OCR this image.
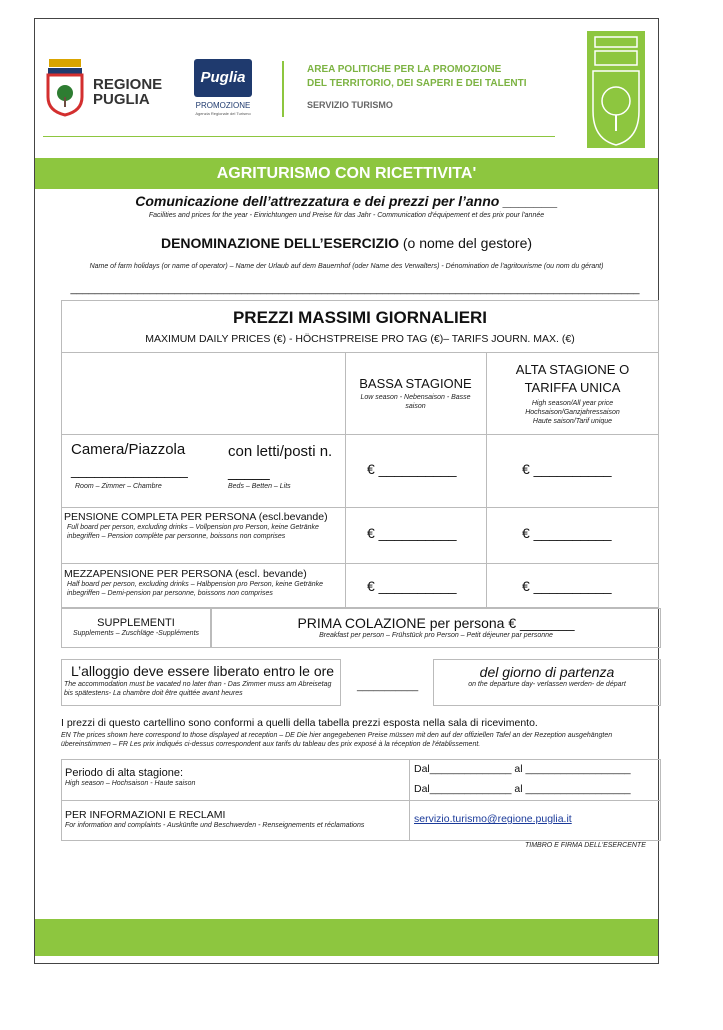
REGIONE
PUGLIA
Puglia
PROMOZIONE
Agenzia Regionale del Turismo
AREA POLITICHE PER LA PROMOZIONE
DEL TERRITORIO, DEI SAPERI E DEI TALENTI
SERVIZIO TURISMO
AGRITURISMO CON RICETTIVITA'
Comunicazione dell’attrezzatura e dei prezzi per l’anno _______
Facilities and prices for the year - Einrichtungen und Preise für das Jahr - Communication d'équipement et des prix pour l'année
DENOMINAZIONE DELL’ESERCIZIO (o nome del gestore)
Name of farm holidays (or name of operator) – Name der Urlaub auf dem Bauernhof (oder Name des Verwalters) - Dénomination de l'agritourisme (ou nom du gérant)
_____________________________________________________________________________________________
PREZZI MASSIMI GIORNALIERI
MAXIMUM DAILY PRICES (€) - HÖCHSTPREISE PRO TAG (€)– TARIFS JOURN. MAX. (€)
BASSA STAGIONE
Low season - Nebensaison - Basse saison
ALTA STAGIONE O TARIFFA UNICA
High season/All year price
Hochsaison/Ganzjahressaison
Haute saison/Tarif unique
Camera/Piazzola
_______________
Room – Zimmer – Chambre
con letti/posti n. _____
Beds – Betten – Lits
€ __________	€ __________
PENSIONE COMPLETA PER PERSONA (escl.bevande)
Full board per person, excluding drinks – Vollpension pro Person, keine Getränke inbegriffen – Pension complète par personne, boissons non comprises	€ __________	€ __________
MEZZAPENSIONE PER PERSONA (escl. bevande)
Half board per person, excluding drinks – Halbpension pro Person, keine Getränke inbegriffen – Demi-pension par personne, boissons non comprises	€ __________	€ __________
SUPPLEMENTI
Supplements – Zuschläge -Suppléments
PRIMA COLAZIONE per persona € _______
Breakfast per person – Frühstück pro Person – Petit déjeuner par personne
L’alloggio deve essere liberato entro le ore
The accommodation must be vacated no later than - Das Zimmer muss am Abreisetag bis spätestens- La chambre doit être quittée avant heures
___________
del giorno di partenza
on the departure day- verlassen werden- de départ
I prezzi di questo cartellino sono conformi a quelli della tabella prezzi esposta nella sala di ricevimento.
EN The prices shown here correspond to those displayed at reception – DE Die hier angegebenen Preise müssen mit den auf der offiziellen Tafel an der Rezeption ausgehängten übereinstimmen – FR Les prix indiqués ci-dessus correspondent aux tarifs du tableau des prix exposé à la réception de l'établissement.
Periodo di alta stagione:
High season – Hochsaison - Haute saison
Dal______________ al __________________
Dal______________ al __________________
PER INFORMAZIONI E RECLAMI
For information and complaints - Auskünfte und Beschwerden - Renseignements et réclamations
servizio.turismo@regione.puglia.it
TIMBRO E FIRMA DELL'ESERCENTE

#weareinpuglia   /   www.weareinpuglia.it
